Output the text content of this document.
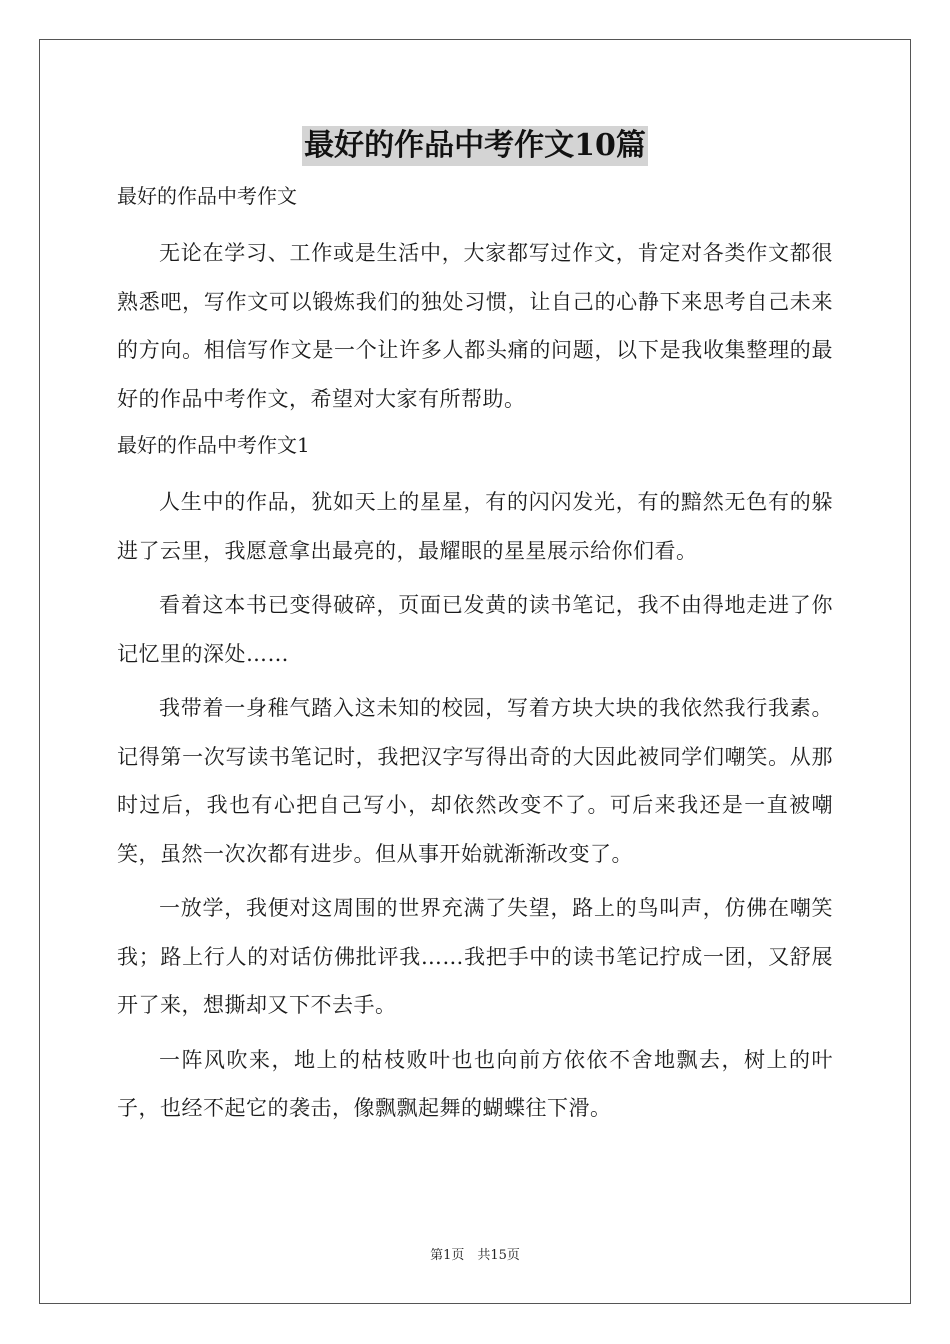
最好的作品中考作文10篇
最好的作品中考作文

无论在学习、工作或是生活中，大家都写过作文，肯定对各类作文都很熟悉吧，写作文可以锻炼我们的独处习惯，让自己的心静下来思考自己未来的方向。相信写作文是一个让许多人都头痛的问题，以下是我收集整理的最好的作品中考作文，希望对大家有所帮助。

最好的作品中考作文1

人生中的作品，犹如天上的星星，有的闪闪发光，有的黯然无色有的躲进了云里，我愿意拿出最亮的，最耀眼的星星展示给你们看。

看着这本书已变得破碎，页面已发黄的读书笔记，我不由得地走进了你记忆里的深处……

我带着一身稚气踏入这未知的校园，写着方块大块的我依然我行我素。记得第一次写读书笔记时，我把汉字写得出奇的大因此被同学们嘲笑。从那时过后，我也有心把自己写小，却依然改变不了。可后来我还是一直被嘲笑，虽然一次次都有进步。但从事开始就渐渐改变了。

一放学，我便对这周围的世界充满了失望，路上的鸟叫声，仿佛在嘲笑我；路上行人的对话仿佛批评我……我把手中的读书笔记拧成一团，又舒展开了来，想撕却又下不去手。

一阵风吹来，地上的枯枝败叶也也向前方依依不舍地飘去，树上的叶子，也经不起它的袭击，像飘飘起舞的蝴蝶往下滑。

第1页　共15页
